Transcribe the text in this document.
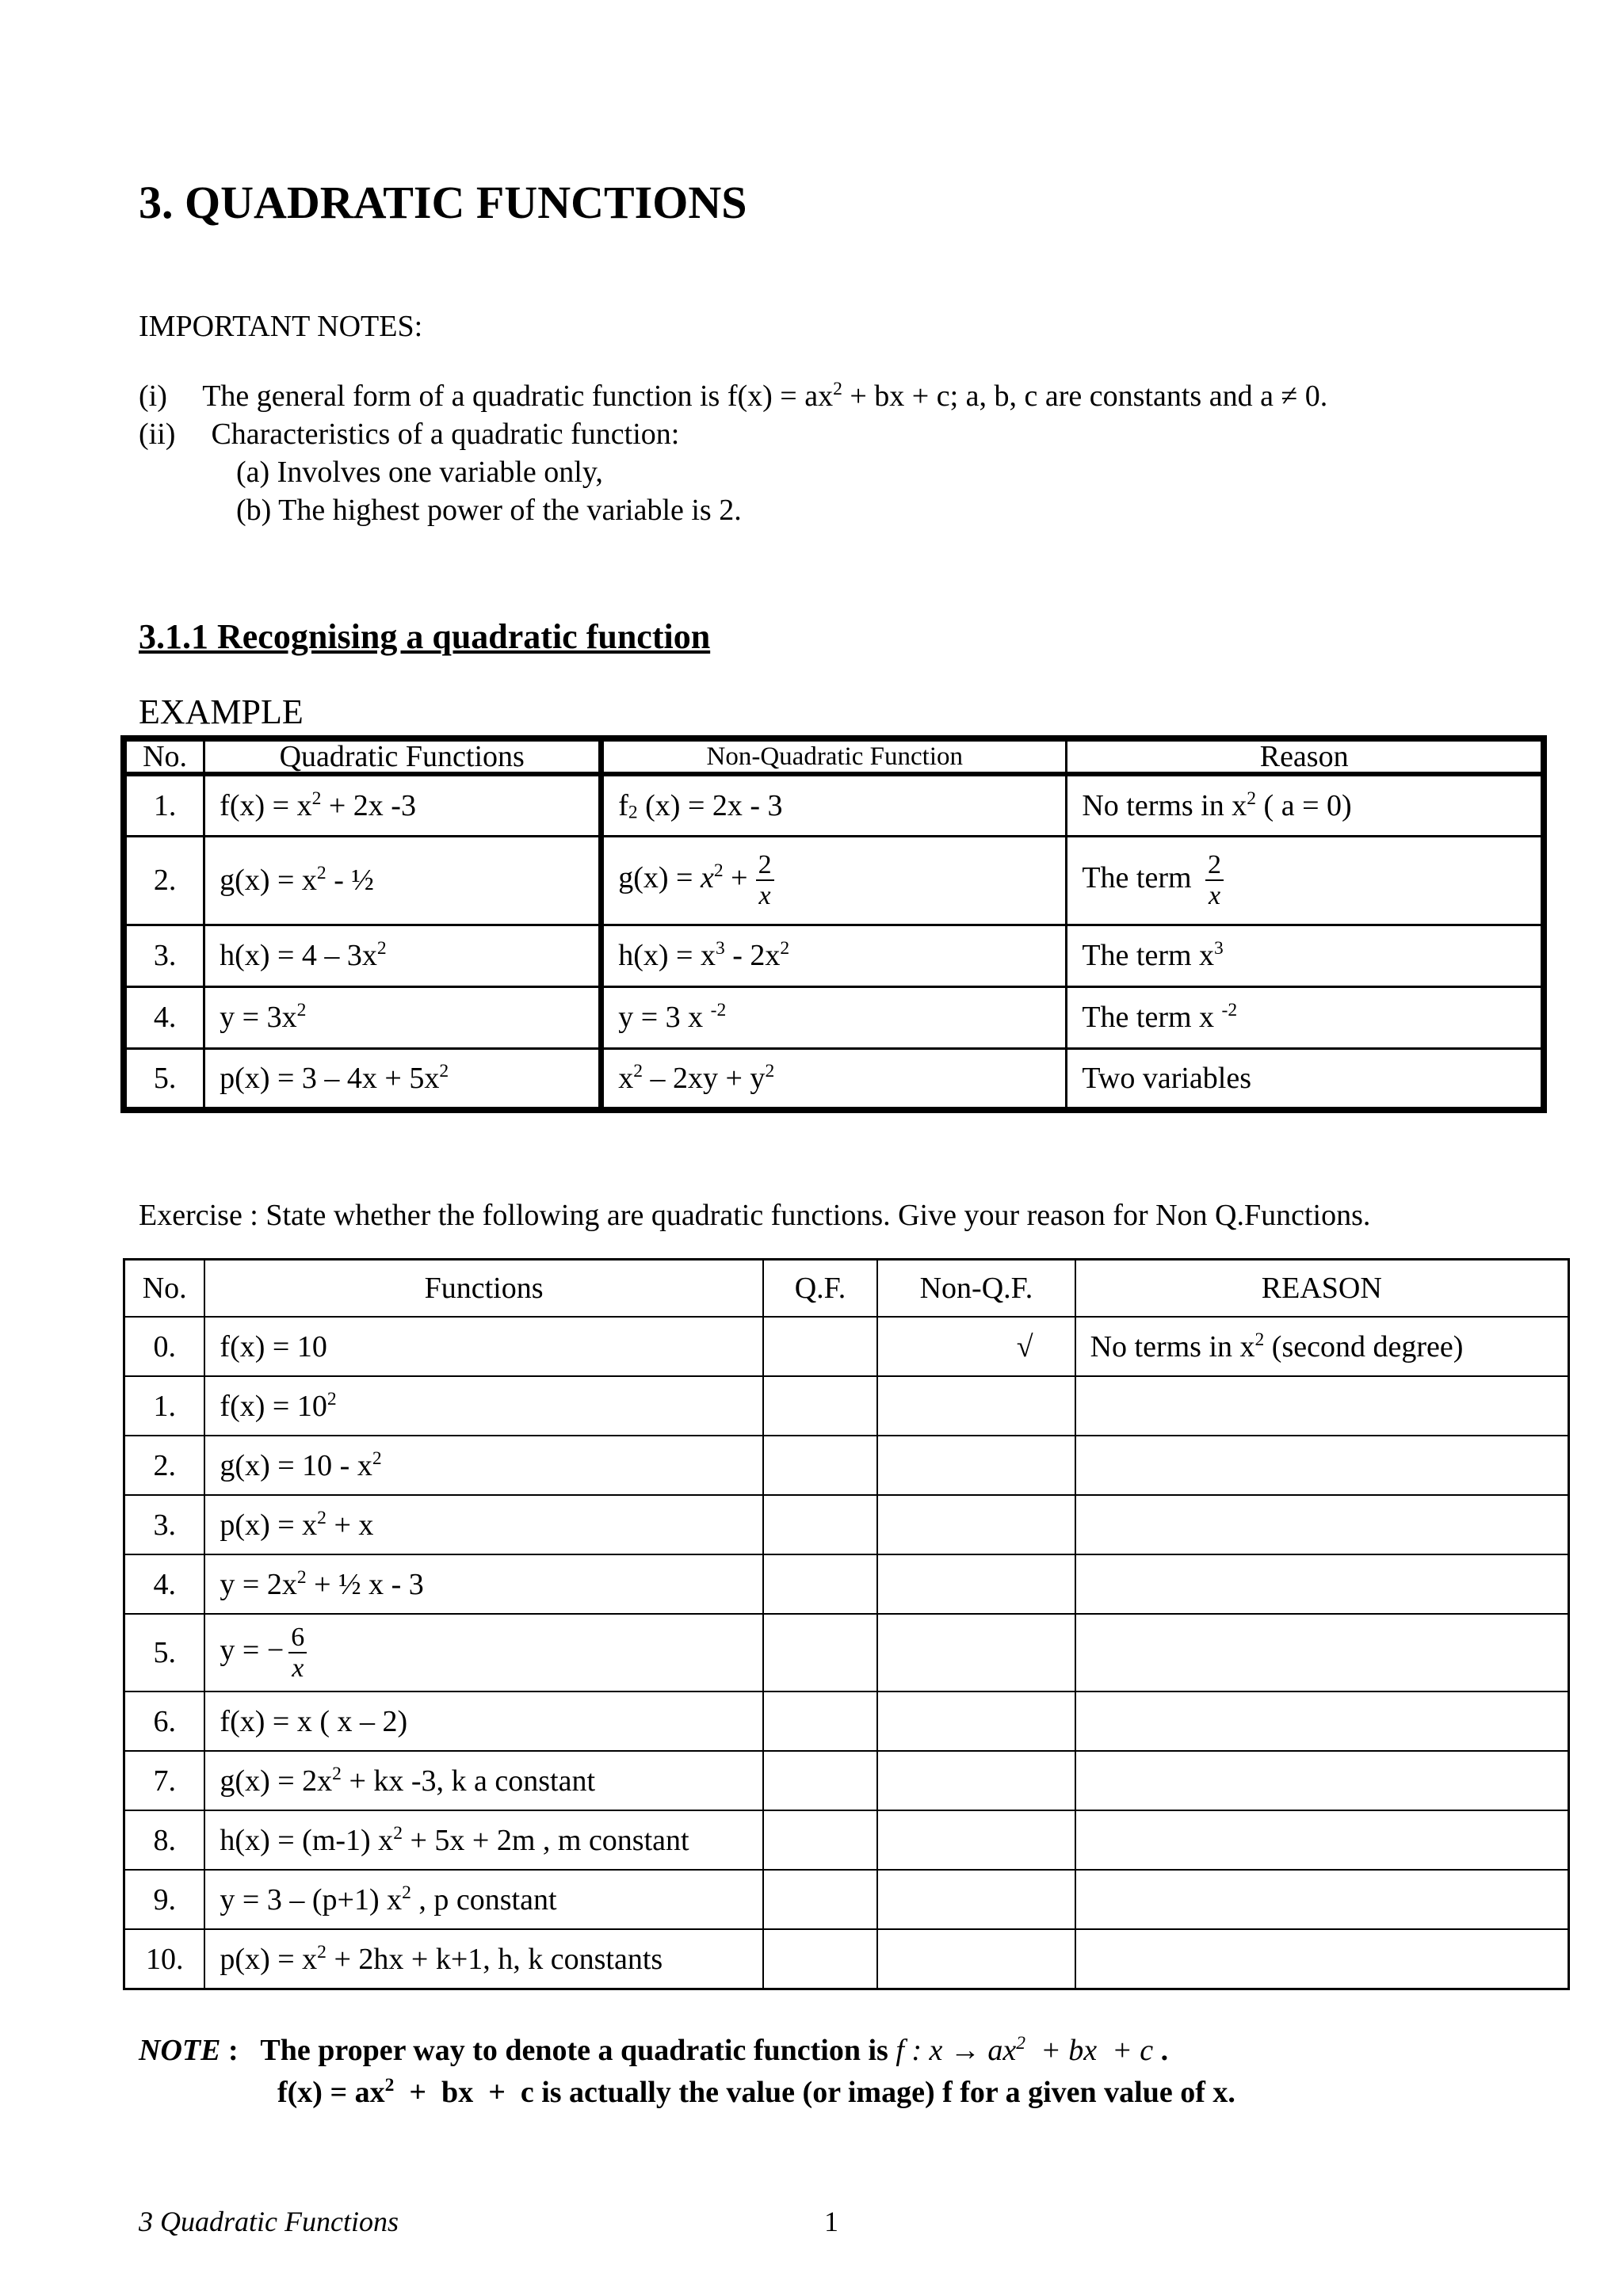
3. QUADRATIC FUNCTIONS
IMPORTANT NOTES:
(i) The general form of a quadratic function is $f(x) = ax^2$ + bx + c; a, b, c are constants and a ≠ 0.
(ii) Characteristics of a quadratic function:
(a) Involves one variable only,
(b) The highest power of the variable is 2.
3.1.1 Recognising a quadratic function
EXAMPLE
No.	Quadratic Functions	Non-Quadratic Function	Reason
1.	$f(x) = x^2 + 2x$ -3	$f_2$ (x) = 2x - 3	No terms in $x^2$ ( a = 0)
2.	$g(x) = x^2$ - ½	$g(x) = x^2 + \frac{2}{x}$	The term $\frac{2}{x}$

3.	$h(x) = 4 - 3x^2$	$h(x) = x^3 - 2x^2$	The term $x^3$
4.	$y = 3x^2$	y = 3 x $^{-2}$	The term x $^{-2}$
5.	$p(x) = 3 - 4x + 5x^2$	$x^2 - 2xy + y^2$	Two variables
Exercise : State whether the following are quadratic functions. Give your reason for Non Q.Functions.
No.	Functions	Q.F.	Non-Q.F.	REASON
0.	f(x) = 10		√	No terms in $x^2$ (second degree)
1.	$f(x) = 10^2$			
2.	$g(x) = 10 - x^2$			
3.	$p(x) = x^2 + x$			
4.	$y = 2x^2$ + ½ x - 3			
5.	y = − $\frac{6}{x}$

6.	f(x) = x ( x – 2)			
7.	$g(x) = 2x^2$ + kx -3, k a constant			
8.	h(x) = (m-1) $x^2 + 5x + 2m$ , m constant			
9.	y = 3 – (p+1) $x^2$ , p constant			
10.	$p(x) = x^2 + 2hx + k+1$, h, k constants			
NOTE :   The proper way to denote a quadratic function is f : $x \to ax^2$  + bx  + c .
$f(x) = ax^2$  +  bx  +  c is actually the value (or image) f for a given value of x.
3 Quadratic Functions	1
